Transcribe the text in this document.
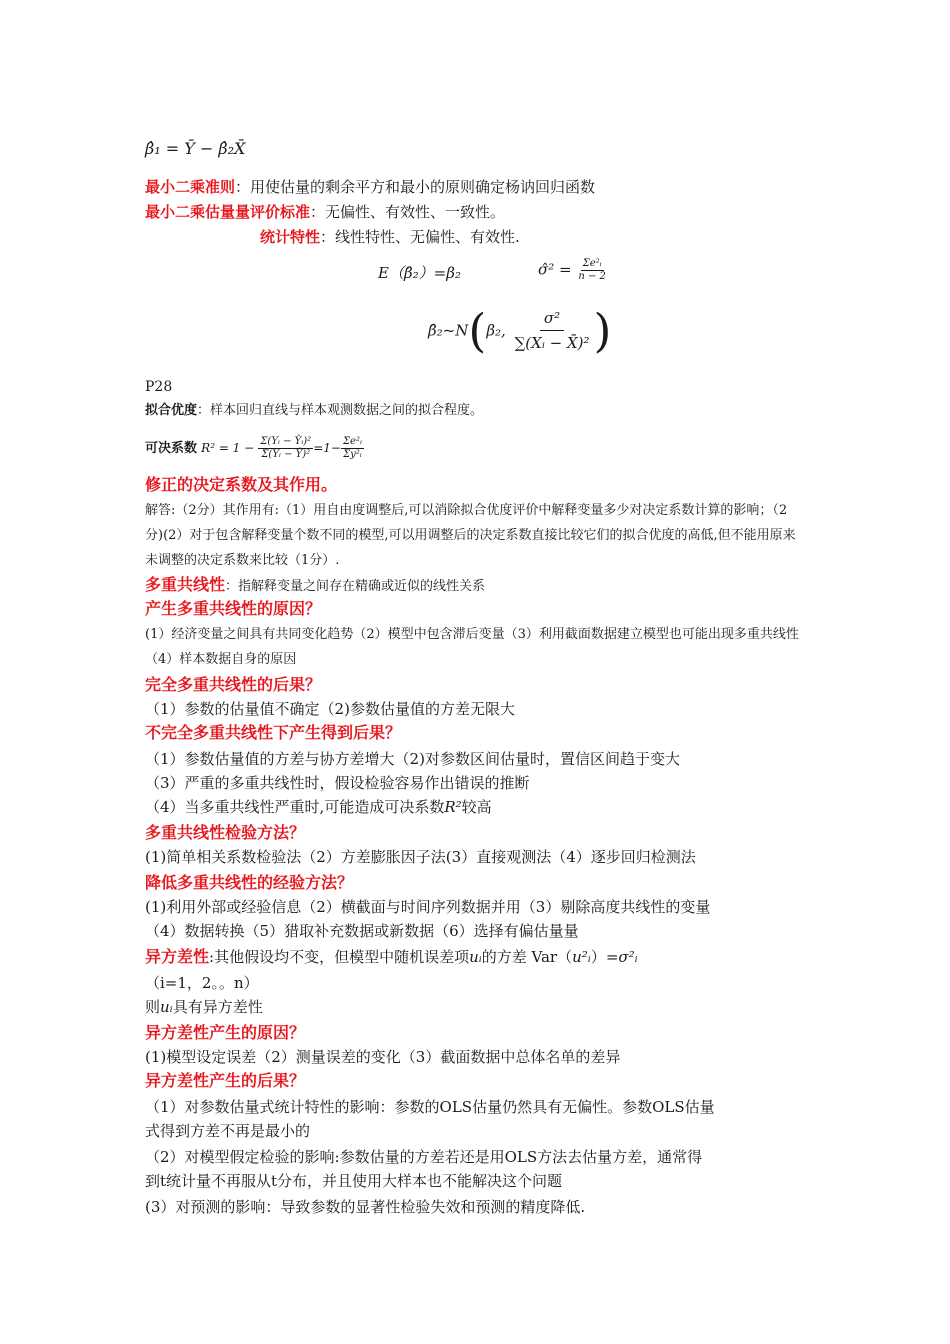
β̂₁ = Ȳ − β̂₂X̄
最小二乘准则：用使估量的剩余平方和最小的原则确定杨讷回归函数
最小二乘估量量评价标准：无偏性、有效性、一致性。
统计特性：线性特性、无偏性、有效性.
E（β̂₂）=β₂	σ̂² = $\frac{\text{Σe²ᵢ}}{n - 2}$
β̂₂~N(β₂, $\frac{\text{σ²}}{\text{∑(Xᵢ − X̄)²}}$ )
P28
拟合优度：样本回归直线与样本观测数据之间的拟合程度。
可决系数 $R^2 = 1 - \frac{\text{Σ(Yᵢ − Ŷᵢ)²}}{\text{Σ(Yᵢ − Ȳ)²}} =1- \frac{\text{Σe²ᵢ}}{\text{Σy²ᵢ}}$
修正的决定系数及其作用。
解答:（2分）其作用有:（1）用自由度调整后,可以消除拟合优度评价中解释变量多少对决定系数计算的影响；（2分)(2）对于包含解释变量个数不同的模型,可以用调整后的决定系数直接比较它们的拟合优度的高低,但不能用原来未调整的决定系数来比较（1分）.
多重共线性：指解释变量之间存在精确或近似的线性关系
产生多重共线性的原因？
(1）经济变量之间具有共同变化趋势（2）模型中包含滞后变量（3）利用截面数据建立模型也可能出现多重共线性（4）样本数据自身的原因
完全多重共线性的后果？
（1）参数的估量值不确定（2)参数估量值的方差无限大
不完全多重共线性下产生得到后果？
（1）参数估量值的方差与协方差增大（2)对参数区间估量时，置信区间趋于变大
（3）严重的多重共线性时，假设检验容易作出错误的推断
（4）当多重共线性严重时,可能造成可决系数R²较高
多重共线性检验方法？
(1)简单相关系数检验法（2）方差膨胀因子法(3）直接观测法（4）逐步回归检测法
降低多重共线性的经验方法？
(1)利用外部或经验信息（2）横截面与时间序列数据并用（3）剔除高度共线性的变量
（4）数据转换（5）猎取补充数据或新数据（6）选择有偏估量量
异方差性:其他假设均不变，但模型中随机误差项uᵢ的方差 Var（u²ᵢ）=σ²ᵢ
（i=1，2。。n）
则uᵢ具有异方差性
异方差性产生的原因？
(1)模型设定误差（2）测量误差的变化（3）截面数据中总体名单的差异
异方差性产生的后果？
（1）对参数估量式统计特性的影响：参数的OLS估量仍然具有无偏性。参数OLS估量
式得到方差不再是最小的
（2）对模型假定检验的影响:参数估量的方差若还是用OLS方法去估量方差，通常得
到t统计量不再服从t分布，并且使用大样本也不能解决这个问题
(3）对预测的影响：导致参数的显著性检验失效和预测的精度降低.
